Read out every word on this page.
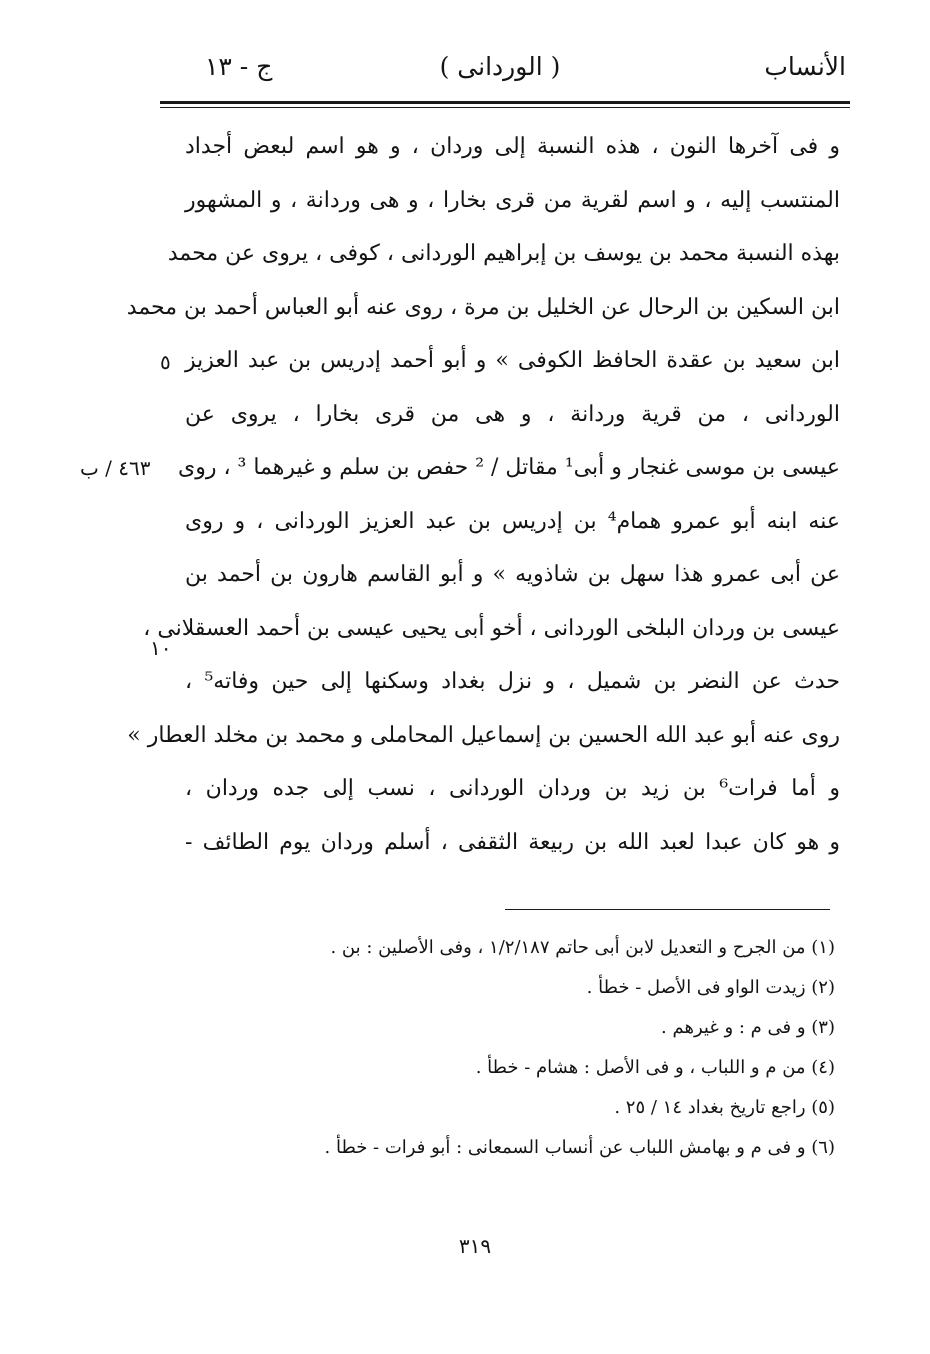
الأنساب
( الوردانى )
ج - ١٣
و فى آخرها النون ، هذه النسبة إلى وردان ، و هو اسم لبعض أجداد
المنتسب إليه ، و اسم لقرية من قرى بخارا ، و هى وردانة ، و المشهور
بهذه النسبة محمد بن يوسف بن إبراهيم الوردانى ، كوفى ، يروى عن محمد
ابن السكين بن الرحال عن الخليل بن مرة ، روى عنه أبو العباس أحمد بن محمد
ابن سعيد بن عقدة الحافظ الكوفى » و أبو أحمد إدريس بن عبد العزيز
الوردانى ، من قرية وردانة ، و هى من قرى بخارا ، يروى عن
عيسى بن موسى غنجار و أبى¹ مقاتل / ² حفص بن سلم و غيرهما ³ ، روى
عنه ابنه أبو عمرو همام⁴ بن إدريس بن عبد العزيز الوردانى ، و روى
عن أبى عمرو هذا سهل بن شاذويه » و أبو القاسم هارون بن أحمد بن
عيسى بن وردان البلخى الوردانى ، أخو أبى يحيى عيسى بن أحمد العسقلانى ،
حدث عن النضر بن شميل ، و نزل بغداد وسكنها إلى حين وفاته⁵ ،
روى عنه أبو عبد الله الحسين بن إسماعيل المحاملى و محمد بن مخلد العطار »
و أما فرات⁶ بن زيد بن وردان الوردانى ، نسب إلى جده وردان ،
و هو كان عبدا لعبد الله بن ربيعة الثقفى ، أسلم وردان يوم الطائف -
٥
١٠
٤٦٣ / ب
(١) من الجرح و التعديل لابن أبى حاتم ١/٢/١٨٧ ، وفى الأصلين : بن .
(٢) زيدت الواو فى الأصل - خطأ .
(٣) و فى م : و غيرهم .
(٤) من م و اللباب ، و فى الأصل : هشام - خطأ .
(٥) راجع تاريخ بغداد ١٤ / ٢٥ .
(٦) و فى م و بهامش اللباب عن أنساب السمعانى : أبو فرات - خطأ .
٣١٩
